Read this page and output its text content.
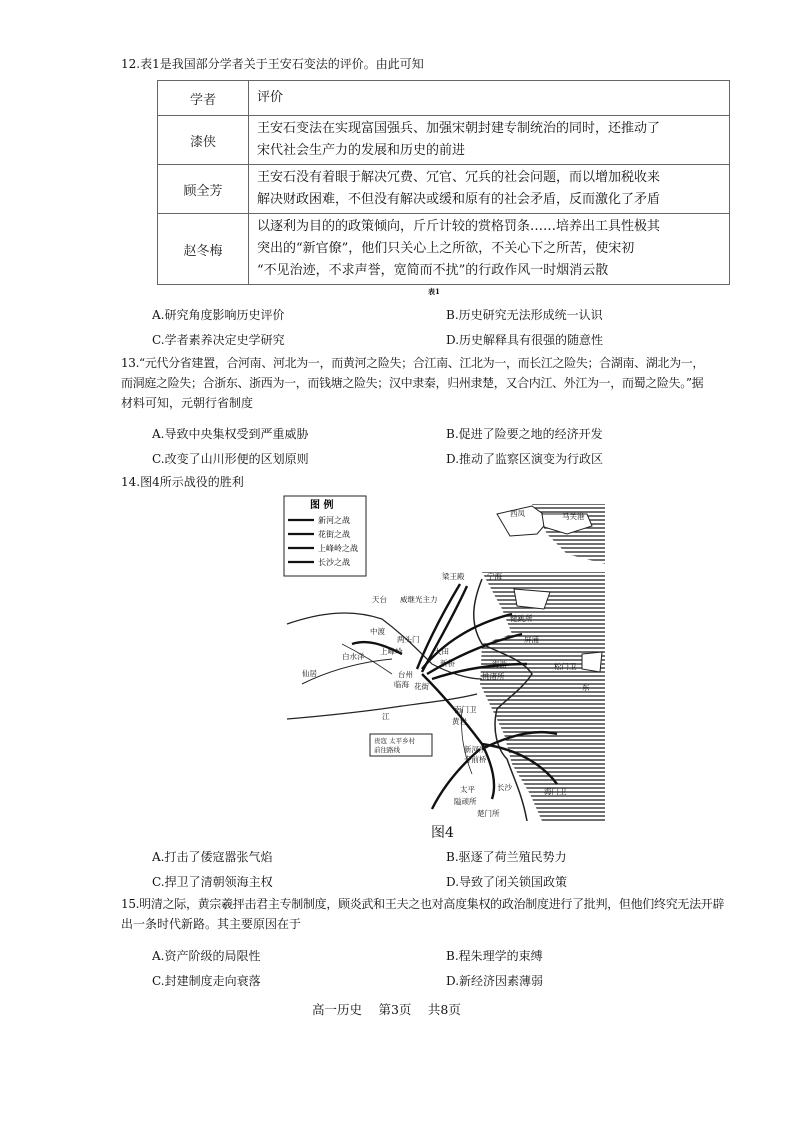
12.表1是我国部分学者关于王安石变法的评价。由此可知
学者	评价
漆侠	王安石变法在实现富国强兵、加强宋朝封建专制统治的同时，还推动了
宋代社会生产力的发展和历史的前进

顾全芳	王安石没有着眼于解决冗费、冗官、冗兵的社会问题，而以增加税收来
解决财政困难，不但没有解决或缓和原有的社会矛盾，反而激化了矛盾

赵冬梅	以逐利为目的的政策倾向，斤斤计较的赏格罚条……培养出工具性极其
突出的“新官僚”，他们只关心上之所欲，不关心下之所苦，使宋初
“不见治迹，不求声誉，宽简而不扰”的行政作风一时烟消云散
表1
A.研究角度影响历史评价	B.历史研究无法形成统一认识
C.学者素养决定史学研究	D.历史解释具有很强的随意性
13.“元代分省建置，合河南、河北为一，而黄河之险失；合江南、江北为一，而长江之险失；合湖南、湖北为一，
而洞庭之险失；合浙东、浙西为一，而钱塘之险失；汉中隶秦，归州隶楚，又合内江、外江为一，而蜀之险失。”据
材料可知，元朝行省制度
A.导致中央集权受到严重威胁	B.促进了险要之地的经济开发
C.改变了山川形便的区划原则	D.推动了监察区演变为行政区
14.图4所示战役的胜利
图 例
新河之战
花街之战
上峰岭之战
长沙之战
西凤	马关港
宁海
梁王殿
天台 威继光主力
中渡
两头门
健跳所
上峰岭	大田
白水洋
新桥
屏浦
海游
桃渚所
仙居	台州
花街
临海
松门卫
南门卫
黄岩
新河所
寺前桥
长沙
太平
隘顽所
楚门所
东
江
海门卫
贵寇 太平乡村前往路线
图4
A.打击了倭寇嚣张气焰	B.驱逐了荷兰殖民势力
C.捍卫了清朝领海主权	D.导致了闭关锁国政策
15.明清之际，黄宗羲抨击君主专制制度，顾炎武和王夫之也对高度集权的政治制度进行了批判，但他们终究无法开辟
出一条时代新路。其主要原因在于
A.资产阶级的局限性	B.程朱理学的束缚
C.封建制度走向衰落	D.新经济因素薄弱
高一历史　 第3页　 共8页
